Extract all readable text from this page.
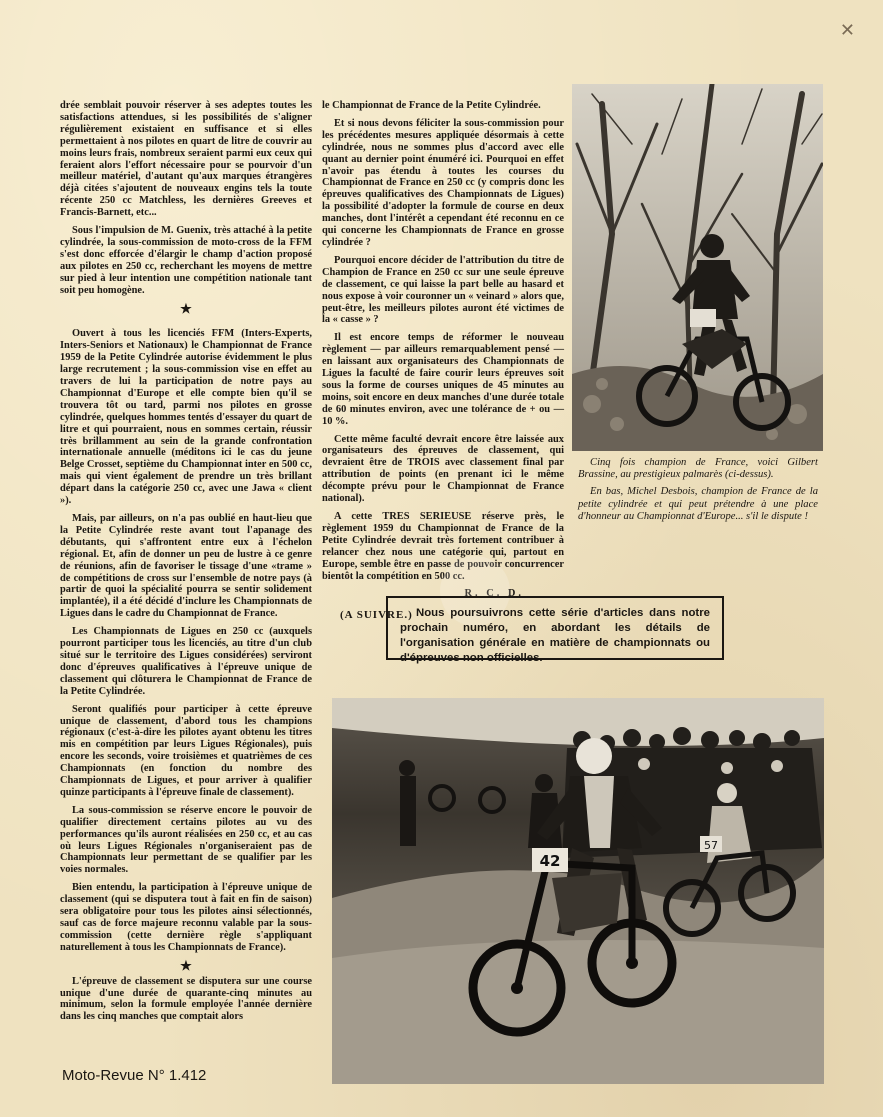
✕

drée semblait pouvoir réserver à ses adeptes toutes les satisfactions attendues, si les possibilités de s'aligner régulièrement existaient en suffisance et si elles permettaient à nos pilotes en quart de litre de couvrir au moins leurs frais, nombreux seraient parmi eux ceux qui feraient alors l'effort nécessaire pour se pourvoir d'un meilleur matériel, d'autant qu'aux marques étrangères déjà citées s'ajoutent de nouveaux engins tels la toute récente 250 cc Matchless, les dernières Greeves et Francis-Barnett, etc...

Sous l'impulsion de M. Guenix, très attaché à la petite cylindrée, la sous-commission de moto-cross de la FFM s'est donc efforcée d'élargir le champ d'action proposé aux pilotes en 250 cc, recherchant les moyens de mettre sur pied à leur intention une compétition nationale tant soit peu homogène.

★

Ouvert à tous les licenciés FFM (Inters-Experts, Inters-Seniors et Nationaux) le Championnat de France 1959 de la Petite Cylindrée autorise évidemment le plus large recrutement ; la sous-commission vise en effet au travers de lui la participation de notre pays au Championnat d'Europe et elle compte bien qu'il se trouvera tôt ou tard, parmi nos pilotes en grosse cylindrée, quelques hommes tentés d'essayer du quart de litre et qui pourraient, nous en sommes certain, réussir très brillamment au sein de la grande confrontation internationale annuelle (méditons ici le cas du jeune Belge Crosset, septième du Championnat inter en 500 cc, mais qui vient également de prendre un très brillant départ dans la catégorie 250 cc, avec une Jawa « client »).

Mais, par ailleurs, on n'a pas oublié en haut-lieu que la Petite Cylindrée reste avant tout l'apanage des débutants, qui s'affrontent entre eux à l'échelon régional. Et, afin de donner un peu de lustre à ce genre de réunions, afin de favoriser le tissage d'une «trame » de compétitions de cross sur l'ensemble de notre pays (à partir de quoi la spécialité pourra se sentir solidement implantée), il a été décidé d'inclure les Championnats de Ligues dans le cadre du Championnat de France.

Les Championnats de Ligues en 250 cc (auxquels pourront participer tous les licenciés, au titre d'un club situé sur le territoire des Ligues considérées) serviront donc d'épreuves qualificatives à l'épreuve unique de classement qui clôturera le Championnat de France de la Petite Cylindrée.

Seront qualifiés pour participer à cette épreuve unique de classement, d'abord tous les champions régionaux (c'est-à-dire les pilotes ayant obtenu les titres mis en compétition par leurs Ligues Régionales), puis encore les seconds, voire troisièmes et quatrièmes de ces Championnats (en fonction du nombre des Championnats de Ligues, et pour arriver à qualifier quinze participants à l'épreuve finale de classement).

La sous-commission se réserve encore le pouvoir de qualifier directement certains pilotes au vu des performances qu'ils auront réalisées en 250 cc, et au cas où leurs Ligues Régionales n'organiseraient pas de Championnats leur permettant de se qualifier par les voies normales.

Bien entendu, la participation à l'épreuve unique de classement (qui se disputera tout à fait en fin de saison) sera obligatoire pour tous les pilotes ainsi sélectionnés, sauf cas de force majeure reconnu valable par la sous-commission (cette dernière règle s'appliquant naturellement à tous les Championnats de France).

★

L'épreuve de classement se disputera sur une course unique d'une durée de quarante-cinq minutes au minimum, selon la formule employée l'année dernière dans les cinq manches que comptait alors

le Championnat de France de la Petite Cylindrée.

Et si nous devons féliciter la sous-commission pour les précédentes mesures appliquée désormais à cette cylindrée, nous ne sommes plus d'accord avec elle quant au dernier point énuméré ici. Pourquoi en effet n'avoir pas étendu à toutes les courses du Championnat de France en 250 cc (y compris donc les épreuves qualificatives des Championnats de Ligues) la possibilité d'adopter la formule de course en deux manches, dont l'intérêt a cependant été reconnu en ce qui concerne les Championnats de France en grosse cylindrée ?

Pourquoi encore décider de l'attribution du titre de Champion de France en 250 cc sur une seule épreuve de classement, ce qui laisse la part belle au hasard et nous expose à voir couronner un « veinard » alors que, peut-être, les meilleurs pilotes auront été victimes de la « casse » ?

Il est encore temps de réformer le nouveau règlement — par ailleurs remarquablement pensé — en laissant aux organisateurs des Championnats de Ligues la faculté de faire courir leurs épreuves soit sous la forme de courses uniques de 45 minutes au moins, soit encore en deux manches d'une durée totale de 60 minutes environ, avec une tolérance de + ou — 10 %.

Cette même faculté devrait encore être laissée aux organisateurs des épreuves de classement, qui devraient être de TROIS avec classement final par attribution de points (en prenant ici le même décompte prévu pour le Championnat de France national).

A cette TRES SERIEUSE réserve près, le règlement 1959 du Championnat de France de la Petite Cylindrée devrait très fortement contribuer à relancer chez nous une catégorie qui, partout en Europe, semble être en passe de pouvoir concurrencer bientôt la compétition en 500 cc.

R. C. D.
(A SUIVRE.)

Cinq fois champion de France, voici Gilbert Brassine, au prestigieux palmarès (ci-dessus).

En bas, Michel Desbois, champion de France de la petite cylindrée et qui peut prétendre à une place d'honneur au Championnat d'Europe... s'il le dispute !

Nous poursuivrons cette série d'articles dans notre prochain numéro, en abordant les détails de l'organisation générale en matière de championnats ou d'épreuves non officielles.
57
42
Moto-Revue N° 1.412
